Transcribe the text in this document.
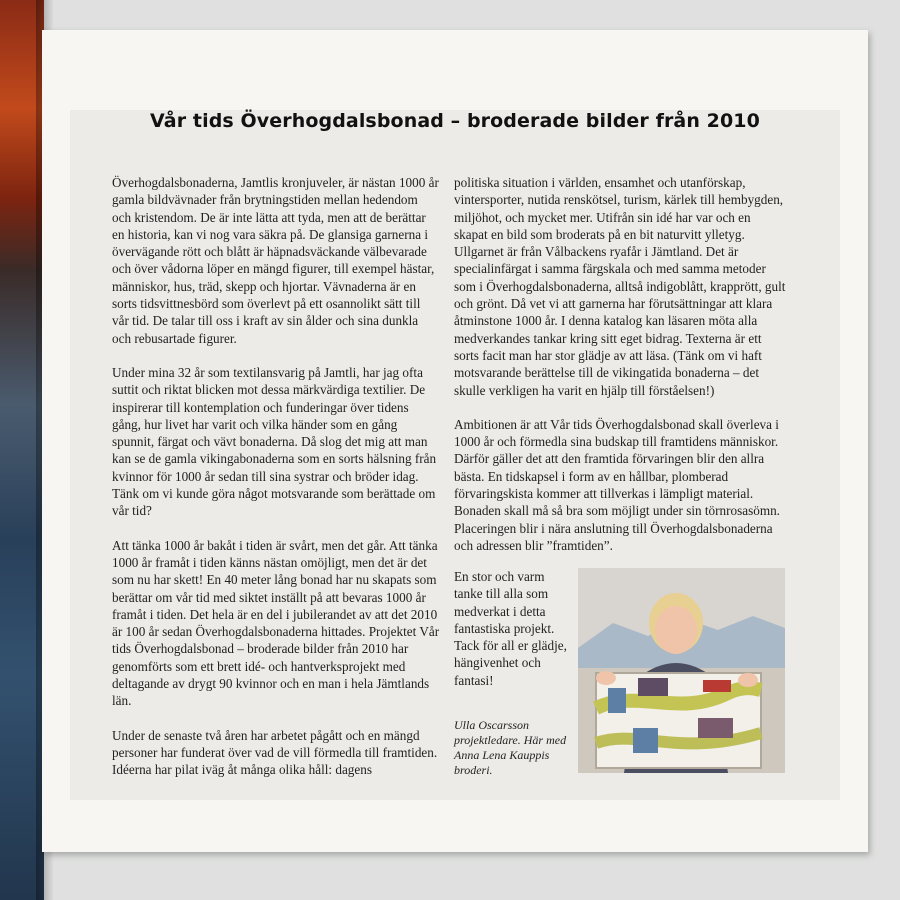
Vår tids Överhogdalsbonad – broderade bilder från 2010

Överhogdalsbonaderna, Jamtlis kronjuveler, är nästan 1000 år gamla bildvävnader från brytningstiden mellan hedendom och kristendom. De är inte lätta att tyda, men att de berättar en historia, kan vi nog vara säkra på. De glansiga garnerna i övervägande rött och blått är häpnadsväckande välbevarade och över vådorna löper en mängd figurer, till exempel hästar, människor, hus, träd, skepp och hjortar. Vävnaderna är en sorts tidsvittnesbörd som överlevt på ett osannolikt sätt till vår tid. De talar till oss i kraft av sin ålder och sina dunkla och rebusartade figurer.

Under mina 32 år som textilansvarig på Jamtli, har jag ofta suttit och riktat blicken mot dessa märkvärdiga textilier. De inspirerar till kontemplation och funderingar över tidens gång, hur livet har varit och vilka händer som en gång spunnit, färgat och vävt bonaderna. Då slog det mig att man kan se de gamla vikingabonaderna som en sorts hälsning från kvinnor för 1000 år sedan till sina systrar och bröder idag. Tänk om vi kunde göra något motsvarande som berättade om vår tid?

Att tänka 1000 år bakåt i tiden är svårt, men det går. Att tänka 1000 år framåt i tiden känns nästan omöjligt, men det är det som nu har skett! En 40 meter lång bonad har nu skapats som berättar om vår tid med siktet inställt på att bevaras 1000 år framåt i tiden. Det hela är en del i jubilerandet av att det 2010 är 100 år sedan Överhogdalsbonaderna hittades. Projektet Vår tids Överhogdalsbonad – broderade bilder från 2010 har genomförts som ett brett idé- och hantverksprojekt med deltagande av drygt 90 kvinnor och en man i hela Jämtlands län.

Under de senaste två åren har arbetet pågått och en mängd personer har funderat över vad de vill förmedla till framtiden. Idéerna har pilat iväg åt många olika håll: dagens

politiska situation i världen, ensamhet och utanförskap, vintersporter, nutida renskötsel, turism, kärlek till hembygden, miljöhot, och mycket mer. Utifrån sin idé har var och en skapat en bild som broderats på en bit naturvitt ylletyg. Ullgarnet är från Vålbackens ryafår i Jämtland. Det är specialinfärgat i samma färgskala och med samma metoder som i Överhogdalsbonaderna, alltså indigoblått, krapprött, gult och grönt. Då vet vi att garnerna har förutsättningar att klara åtminstone 1000 år. I denna katalog kan läsaren möta alla medverkandes tankar kring sitt eget bidrag. Texterna är ett sorts facit man har stor glädje av att läsa. (Tänk om vi haft motsvarande berättelse till de vikingatida bonaderna – det skulle verkligen ha varit en hjälp till förståelsen!)

Ambitionen är att Vår tids Överhogdalsbonad skall överleva i 1000 år och förmedla sina budskap till framtidens människor. Därför gäller det att den framtida förvaringen blir den allra bästa. En tidskapsel i form av en hållbar, plomberad förvaringskista kommer att tillverkas i lämpligt material. Bonaden skall må så bra som möjligt under sin törnrosasömn. Placeringen blir i nära anslutning till Överhogdalsbonaderna och adressen blir ”framtiden”.

En stor och varm tanke till alla som medverkat i detta fantastiska projekt. Tack för all er glädje, hängivenhet och fantasi!
Ulla Oscarsson projektledare. Här med Anna Lena Kauppis broderi.
